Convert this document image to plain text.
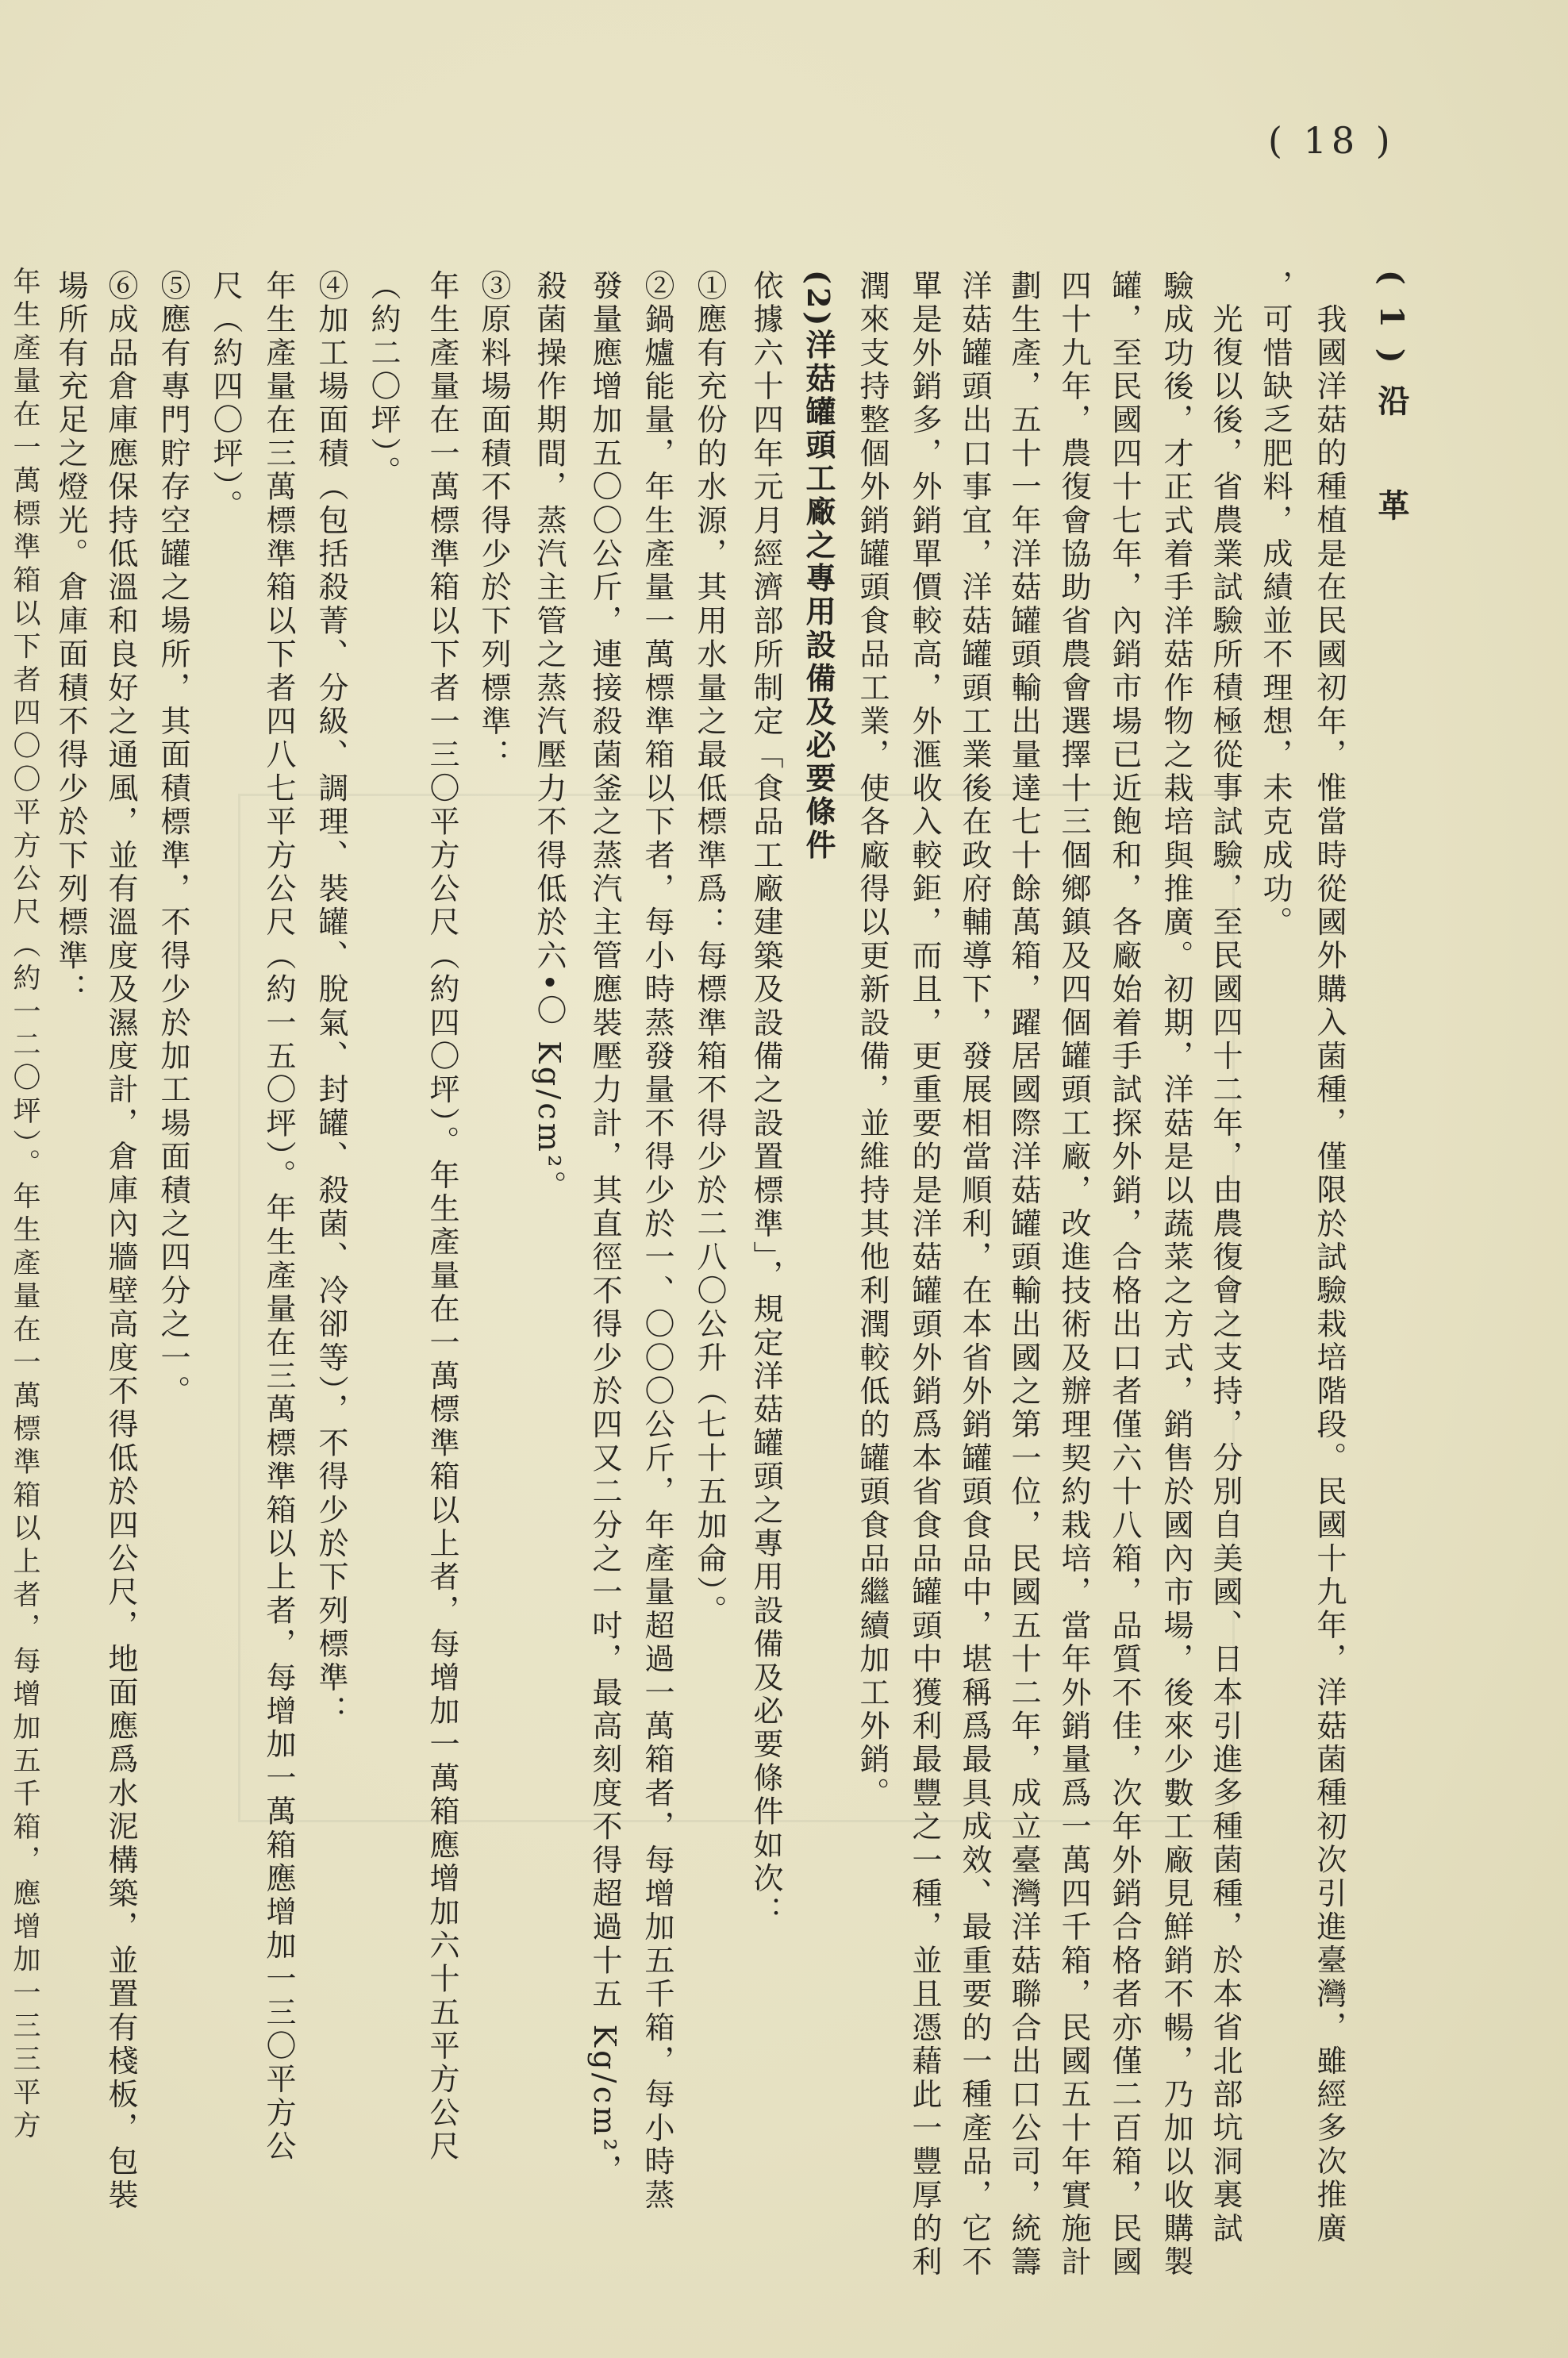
( 18 )
(1)沿　革
我國洋菇的種植是在民國初年，惟當時從國外購入菌種，僅限於試驗栽培階段。民國十九年，洋菇菌種初次引進臺灣，雖經多次推廣
，可惜缺乏肥料，成績並不理想，未克成功。
光復以後，省農業試驗所積極從事試驗，至民國四十二年，由農復會之支持，分別自美國、日本引進多種菌種，於本省北部坑洞裏試
驗成功後，才正式着手洋菇作物之栽培與推廣。初期，洋菇是以蔬菜之方式，銷售於國內市場，後來少數工廠見鮮銷不暢，乃加以收購製
罐，至民國四十七年，內銷市場已近飽和，各廠始着手試探外銷，合格出口者僅六十八箱，品質不佳，次年外銷合格者亦僅二百箱，民國
四十九年，農復會協助省農會選擇十三個鄉鎮及四個罐頭工廠，改進技術及辦理契約栽培，當年外銷量爲一萬四千箱，民國五十年實施計
劃生產，五十一年洋菇罐頭輸出量達七十餘萬箱，躍居國際洋菇罐頭輸出國之第一位，民國五十二年，成立臺灣洋菇聯合出口公司，統籌
洋菇罐頭出口事宜，洋菇罐頭工業後在政府輔導下，發展相當順利，在本省外銷罐頭食品中，堪稱爲最具成效、最重要的一種產品，它不
單是外銷多，外銷單價較高，外滙收入較鉅，而且，更重要的是洋菇罐頭外銷爲本省食品罐頭中獲利最豐之一種，並且憑藉此一豐厚的利
潤來支持整個外銷罐頭食品工業，使各廠得以更新設備，並維持其他利潤較低的罐頭食品繼續加工外銷。
(2)洋菇罐頭工廠之專用設備及必要條件
依據六十四年元月經濟部所制定「食品工廠建築及設備之設置標準」，規定洋菇罐頭之專用設備及必要條件如次：
①應有充份的水源，其用水量之最低標準爲：每標準箱不得少於二八〇公升（七十五加侖）。
②鍋爐能量，年生產量一萬標準箱以下者，每小時蒸發量不得少於一、〇〇〇公斤，年產量超過一萬箱者，每增加五千箱，每小時蒸
發量應增加五〇〇公斤，連接殺菌釜之蒸汽主管應裝壓力計，其直徑不得少於四又二分之一吋，最高刻度不得超過十五 Kg/cm²，
殺菌操作期間，蒸汽主管之蒸汽壓力不得低於六•〇 Kg/cm²。
③原料場面積不得少於下列標準：
年生產量在一萬標準箱以下者一三〇平方公尺（約四〇坪）。年生產量在一萬標準箱以上者，每增加一萬箱應增加六十五平方公尺
（約二〇坪）。
④加工場面積（包括殺菁、分級、調理、裝罐、脫氣、封罐、殺菌、冷卻等），不得少於下列標準：
年生產量在三萬標準箱以下者四八七平方公尺（約一五〇坪）。年生產量在三萬標準箱以上者，每增加一萬箱應增加一三〇平方公
尺（約四〇坪）。
⑤應有專門貯存空罐之場所，其面積標準，不得少於加工場面積之四分之一。
⑥成品倉庫應保持低溫和良好之通風，並有溫度及濕度計，倉庫內牆壁高度不得低於四公尺，地面應爲水泥構築，並置有棧板，包裝
場所有充足之燈光。倉庫面積不得少於下列標準：
年生產量在一萬標準箱以下者四〇〇平方公尺（約一二〇坪）。年生產量在一萬標準箱以上者，每增加五千箱，應增加一三三平方
